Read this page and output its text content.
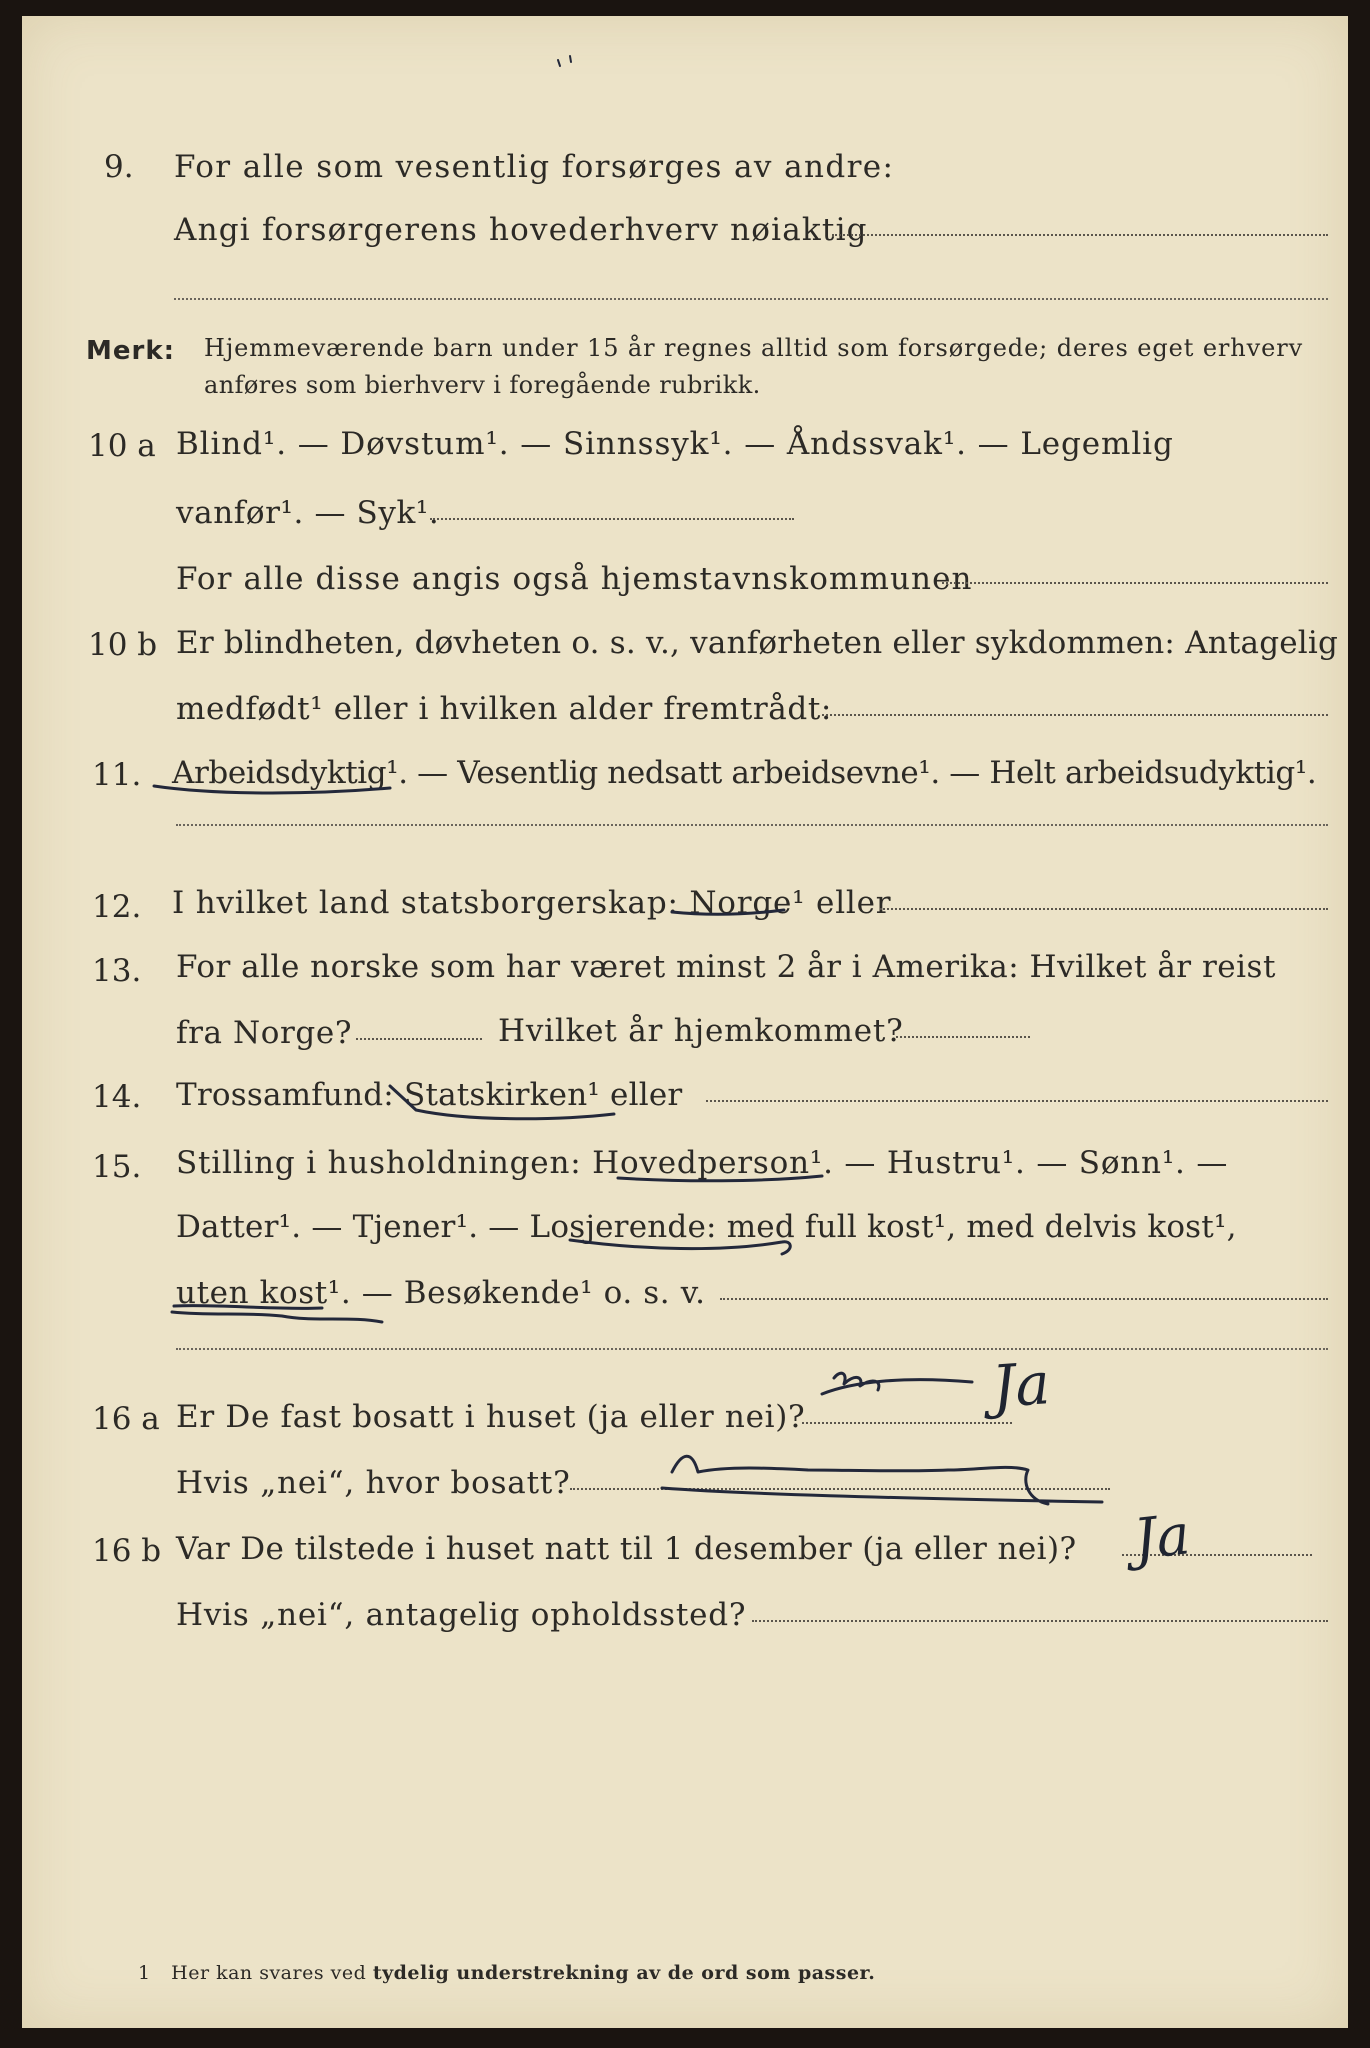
9. For alle som vesentlig forsørges av andre:
Angi forsørgerens hovederhverv nøiaktig
Merk: Hjemmeværende barn under 15 år regnes alltid som forsørgede; deres eget erhverv
anføres som bierhverv i foregående rubrikk.
10 a Blind¹. — Døvstum¹. — Sinnssyk¹. — Åndssvak¹. — Legemlig
vanfør¹. — Syk¹.
For alle disse angis også hjemstavnskommunen
10 b Er blindheten, døvheten o. s. v., vanførheten eller sykdommen: Antagelig
medfødt¹ eller i hvilken alder fremtrådt:
11. Arbeidsdyktig¹. — Vesentlig nedsatt arbeidsevne¹. — Helt arbeidsudyktig¹.
12. I hvilket land statsborgerskap: Norge¹ eller
13. For alle norske som har været minst 2 år i Amerika: Hvilket år reist
fra Norge?	Hvilket år hjemkommet?
14. Trossamfund: Statskirken¹ eller
15. Stilling i husholdningen: Hovedperson¹. — Hustru¹. — Sønn¹. —
Datter¹. — Tjener¹. — Losjerende: med full kost¹, med delvis kost¹,
uten kost¹. — Besøkende¹ o. s. v.
16 a Er De fast bosatt i huset (ja eller nei)?	Ja
Hvis „nei“, hvor bosatt?
16 b Var De tilstede i huset natt til 1 desember (ja eller nei)? Ja
Hvis „nei“, antagelig opholdssted?
1 Her kan svares ved tydelig understrekning av de ord som passer.
